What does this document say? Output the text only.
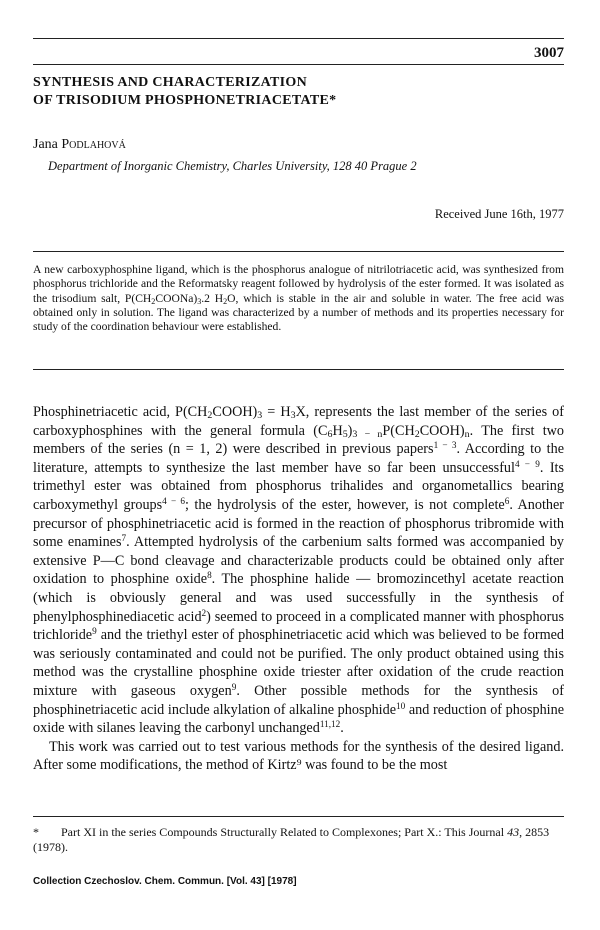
3007
SYNTHESIS AND CHARACTERIZATION
OF TRISODIUM PHOSPHONETRIACETATE*
Jana Podlahová
Department of Inorganic Chemistry, Charles University, 128 40 Prague 2
Received June 16th, 1977
A new carboxyphosphine ligand, which is the phosphorus analogue of nitrilotriacetic acid, was synthesized from phosphorus trichloride and the Reformatsky reagent followed by hydrolysis of the ester formed. It was isolated as the trisodium salt, $P(CH_2COONa)_3.2$ $H_2O$, which is stable in the air and soluble in water. The free acid was obtained only in solution. The ligand was characterized by a number of methods and its properties necessary for study of the coordination behaviour were established.

Phosphinetriacetic acid, $P(CH_2COOH)_3 = H_3X$, represents the last member of the series of carboxyphosphines with the general formula $(C_6H_5)_{3 - n}P(CH_2COOH)_n$. The first two members of the series (n = 1, 2) were described in previous papers$^{1 - 3}$. According to the literature, attempts to synthesize the last member have so far been unsuccessful$^{4 - 9}$. Its trimethyl ester was obtained from phosphorus trihalides and organometallics bearing carboxymethyl groups$^{4 - 6}$; the hydrolysis of the ester, however, is not complete$^6$. Another precursor of phosphinetriacetic acid is formed in the reaction of phosphorus tribromide with some enamines$^7$. Attempted hydrolysis of the carbenium salts formed was accompanied by extensive P—C bond cleavage and characterizable products could be obtained only after oxidation to phosphine oxide$^8$. The phosphine halide — bromozincethyl acetate reaction (which is obviously general and was used successfully in the synthesis of phenylphosphinediacetic acid$^2$) seemed to proceed in a complicated manner with phosphorus trichloride$^9$ and the triethyl ester of phosphinetriacetic acid which was believed to be formed was seriously contaminated and could not be purified. The only product obtained using this method was the crystalline phosphine oxide triester after oxidation of the crude reaction mixture with gaseous oxygen$^9$. Other possible methods for the synthesis of phosphinetriacetic acid include alkylation of alkaline phosphide$^{10}$ and reduction of phosphine oxide with silanes leaving the carbonyl unchanged$^{11,12}$.

This work was carried out to test various methods for the synthesis of the desired ligand. After some modifications, the method of Kirtz⁹ was found to be the most

* Part XI in the series Compounds Structurally Related to Complexones; Part X.: This Journal 43, 2853 (1978).
Collection Czechoslov. Chem. Commun. [Vol. 43] [1978]
